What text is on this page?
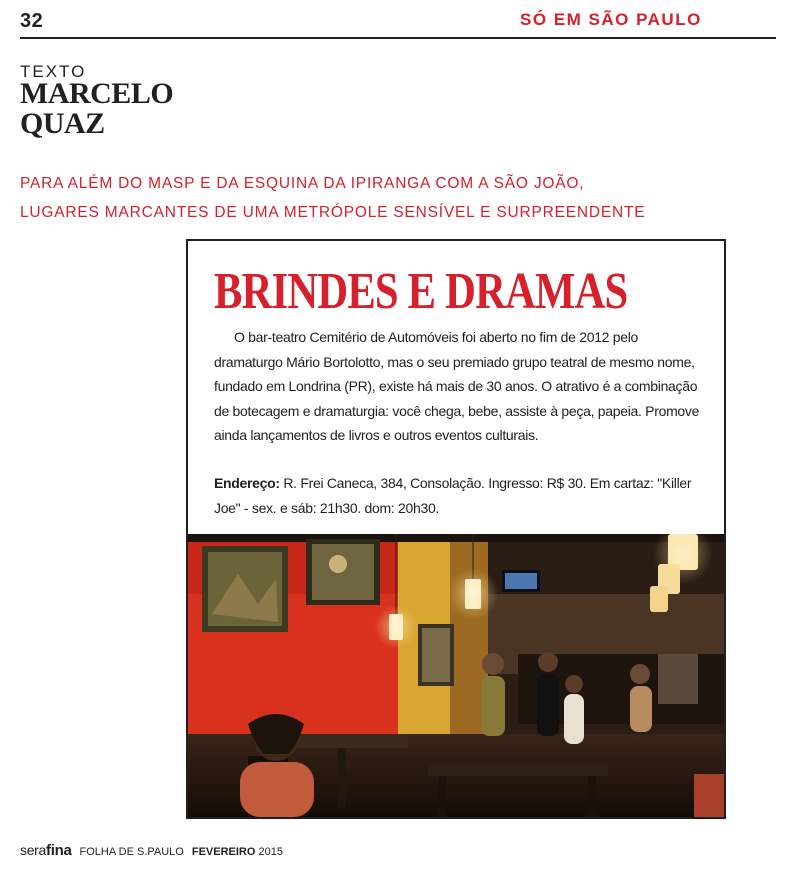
32	SÓ EM SÃO PAULO
TEXTO
MARCELO
QUAZ
PARA ALÉM DO MASP E DA ESQUINA DA IPIRANGA COM A SÃO JOÃO,
LUGARES MARCANTES DE UMA METRÓPOLE SENSÍVEL E SURPREENDENTE
BRINDES E DRAMAS
O bar-teatro Cemitério de Automóveis foi aberto no fim de 2012 pelo dramaturgo Mário Bortolotto, mas o seu premiado grupo teatral de mesmo nome, fundado em Londrina (PR), existe há mais de 30 anos. O atrativo é a combinação de botecagem e dramaturgia: você chega, bebe, assiste à peça, papeia. Promove ainda lançamentos de livros e outros eventos culturais.
Endereço: R. Frei Caneca, 384, Consolação. Ingresso: R$ 30. Em cartaz: "Killer Joe" - sex. e sáb: 21h30. dom: 20h30.
serafina FOLHA DE S.PAULO FEVEREIRO 2015
